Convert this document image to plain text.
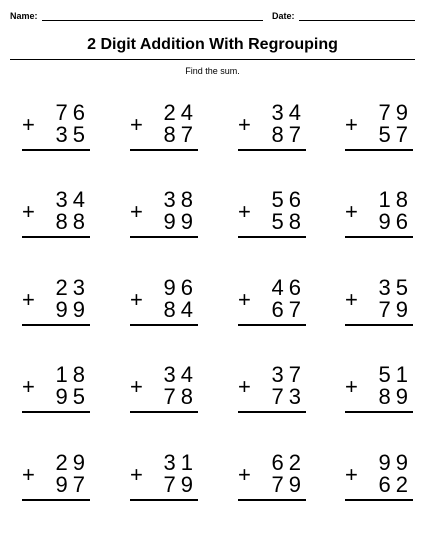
Name:	Date:
2 Digit Addition With Regrouping
Find the sum.
76
+ 35
24
+ 87
34
+ 87
79
+ 57
34
+ 88
38
+ 99
56
+ 58
18
+ 96
23
+ 99
96
+ 84
46
+ 67
35
+ 79
18
+ 95
34
+ 78
37
+ 73
51
+ 89
29
+ 97
31
+ 79
62
+ 79
99
+ 62
